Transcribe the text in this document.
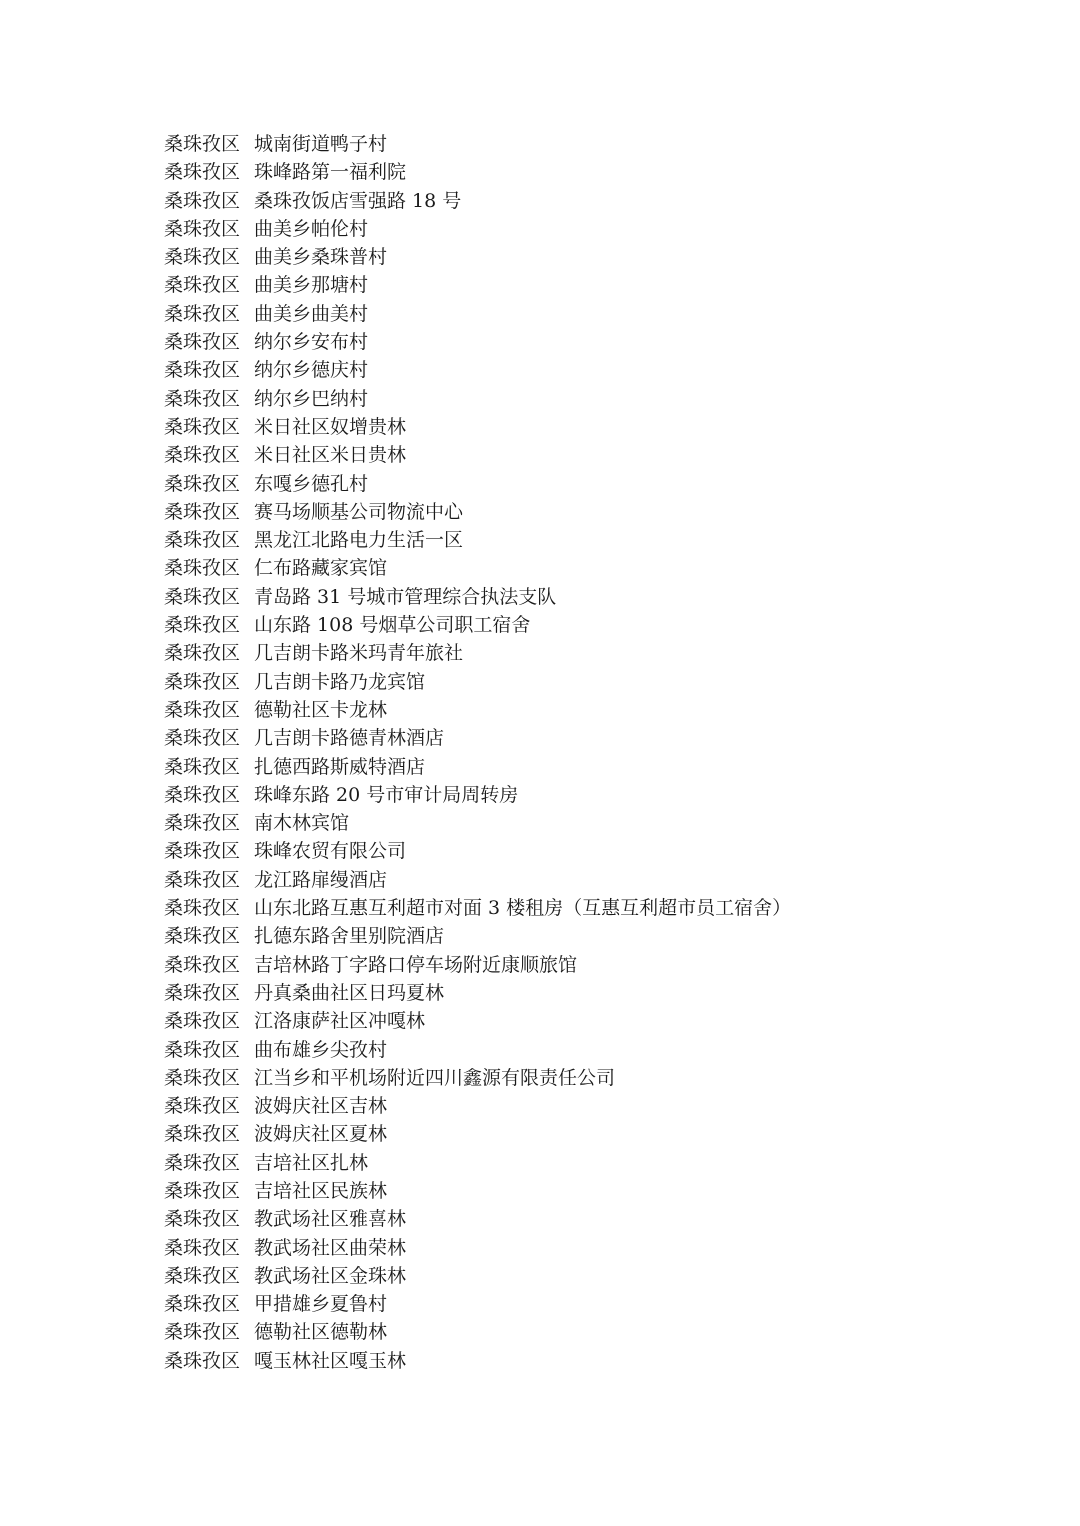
桑珠孜区 城南街道鸭子村
桑珠孜区 珠峰路第一福利院
桑珠孜区 桑珠孜饭店雪强路 18 号
桑珠孜区 曲美乡帕伦村
桑珠孜区 曲美乡桑珠普村
桑珠孜区 曲美乡那塘村
桑珠孜区 曲美乡曲美村
桑珠孜区 纳尔乡安布村
桑珠孜区 纳尔乡德庆村
桑珠孜区 纳尔乡巴纳村
桑珠孜区 米日社区奴增贵林
桑珠孜区 米日社区米日贵林
桑珠孜区 东嘎乡德孔村
桑珠孜区 赛马场顺基公司物流中心
桑珠孜区 黑龙江北路电力生活一区
桑珠孜区 仁布路藏家宾馆
桑珠孜区 青岛路 31 号城市管理综合执法支队
桑珠孜区 山东路 108 号烟草公司职工宿舍
桑珠孜区 几吉朗卡路米玛青年旅社
桑珠孜区 几吉朗卡路乃龙宾馆
桑珠孜区 德勒社区卡龙林
桑珠孜区 几吉朗卡路德青林酒店
桑珠孜区 扎德西路斯威特酒店
桑珠孜区 珠峰东路 20 号市审计局周转房
桑珠孜区 南木林宾馆
桑珠孜区 珠峰农贸有限公司
桑珠孜区 龙江路扉缦酒店
桑珠孜区 山东北路互惠互利超市对面 3 楼租房（互惠互利超市员工宿舍）
桑珠孜区 扎德东路舍里别院酒店
桑珠孜区 吉培林路丁字路口停车场附近康顺旅馆
桑珠孜区 丹真桑曲社区日玛夏林
桑珠孜区 江洛康萨社区冲嘎林
桑珠孜区 曲布雄乡尖孜村
桑珠孜区 江当乡和平机场附近四川鑫源有限责任公司
桑珠孜区 波姆庆社区吉林
桑珠孜区 波姆庆社区夏林
桑珠孜区 吉培社区扎林
桑珠孜区 吉培社区民族林
桑珠孜区 教武场社区雅喜林
桑珠孜区 教武场社区曲荣林
桑珠孜区 教武场社区金珠林
桑珠孜区 甲措雄乡夏鲁村
桑珠孜区 德勒社区德勒林
桑珠孜区 嘎玉林社区嘎玉林
